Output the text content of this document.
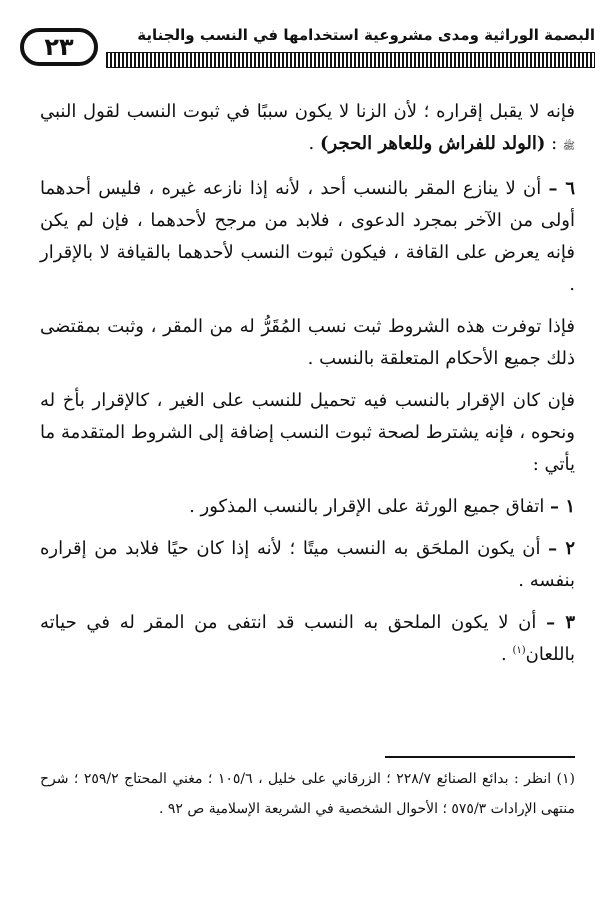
٢٣	البصمة الوراثية ومدى مشروعية استخدامها في النسب والجناية

فإنه لا يقبل إقراره ؛ لأن الزنا لا يكون سببًا في ثبوت النسب لقول النبي ﷺ : (الولد للفراش وللعاهر الحجر) .

٦ – أن لا ينازع المقر بالنسب أحد ، لأنه إذا نازعه غيره ، فليس أحدهما أولى من الآخر بمجرد الدعوى ، فلابد من مرجح لأحدهما ، فإن لم يكن فإنه يعرض على القافة ، فيكون ثبوت النسب لأحدهما بالقيافة لا بالإقرار .

فإذا توفرت هذه الشروط ثبت نسب المُقَرُّ له من المقر ، وثبت بمقتضى ذلك جميع الأحكام المتعلقة بالنسب .

فإن كان الإقرار بالنسب فيه تحميل للنسب على الغير ، كالإقرار بأخ له ونحوه ، فإنه يشترط لصحة ثبوت النسب إضافة إلى الشروط المتقدمة ما يأتي :

١ – اتفاق جميع الورثة على الإقرار بالنسب المذكور .

٢ – أن يكون الملحَق به النسب ميتًا ؛ لأنه إذا كان حيًا فلابد من إقراره بنفسه .

٣ – أن لا يكون الملحق به النسب قد انتفى من المقر له في حياته باللعان$^{(١)}$ .

(١) انظر : بدائع الصنائع ٢٢٨/٧ ؛ الزرقاني على خليل ، ١٠٥/٦ ؛ مغني المحتاج ٢٥٩/٢ ؛ شرح منتهى الإرادات ٥٧٥/٣ ؛ الأحوال الشخصية في الشريعة الإسلامية ص ٩٢ .
